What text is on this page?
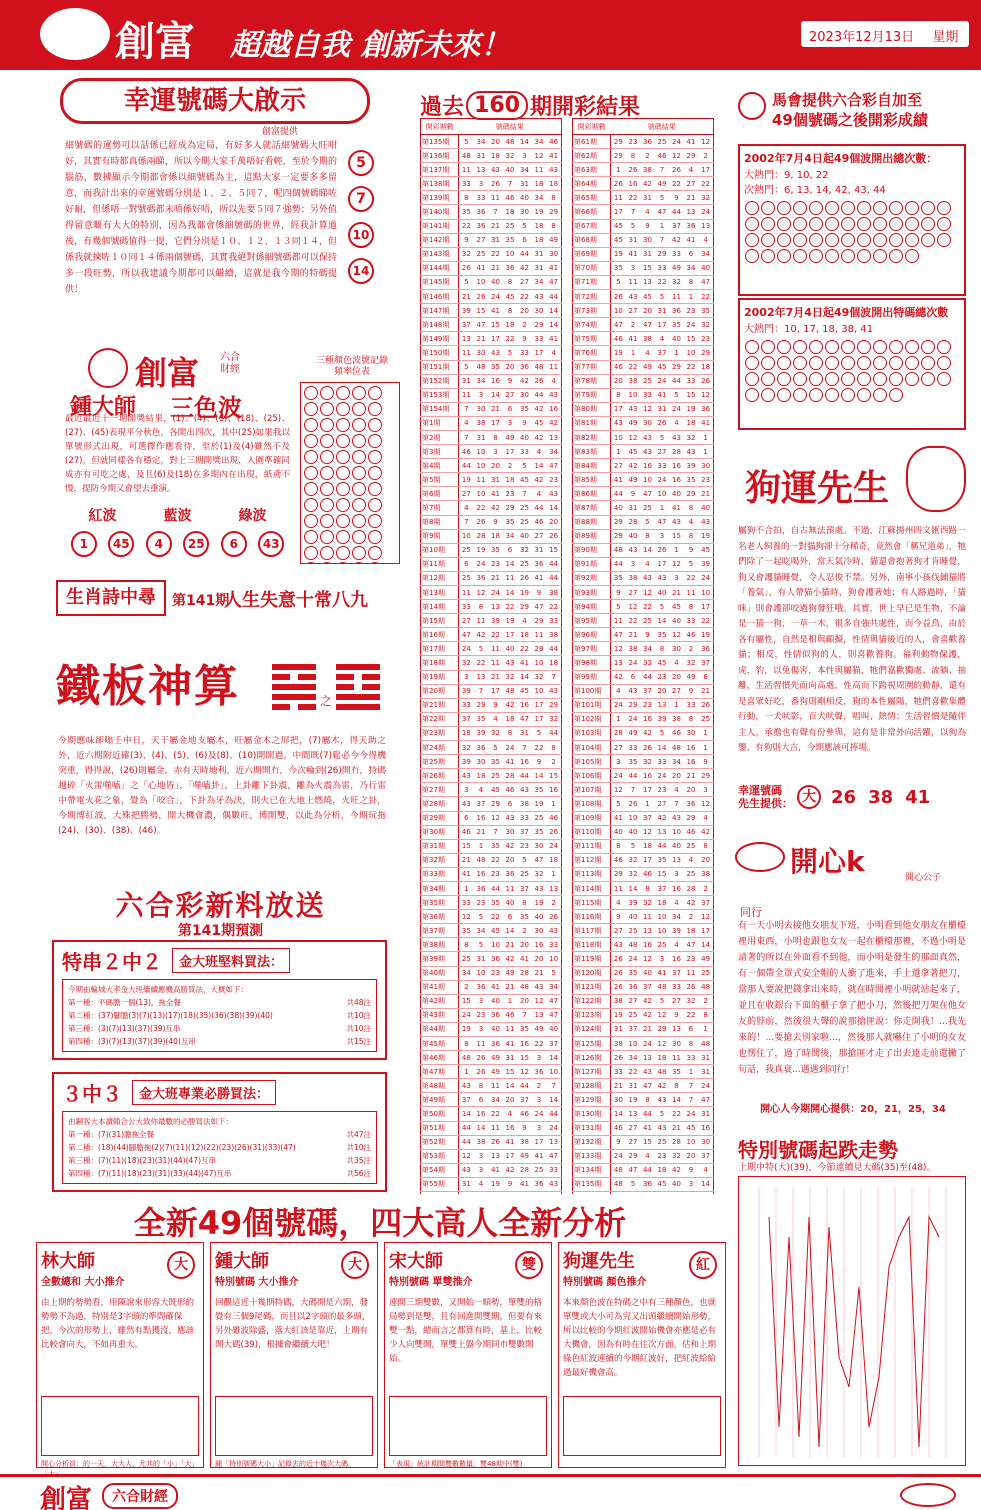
創富 超越自我 創新未來！	2023年12月13日 星期三
幸運號碼大啟示
創富提供
細號碼的運勢可以話係已經成為定局，有好多人就話細號碼大旺咁好，其實有時都真係兩睇，所以今期大家千萬唔好看輕，至於今期的腦筋，數據顯示今期都會係以細號碼為主，這點大家一定要多多留意，而我計出來的幸運號碼分別是１、２、５同７，呢四個號碼睇咗好耐，但係唔一對號碼都未唔係好唔，所以先要５同７強勢；另外值得留意嘅有大大的特別，因為我都會係細號碼的世界，經我計算過後，有幾個號碼值得一提，它們分別是１０、１２、１３同１４，但係我就揀咗１０同１４係兩個號碼，其實我絕對係細號碼都可以保持多一段旺勢，所以我建議今期都可以繼續，這就是我今期的特碼提供！
5 7 10 14
創富 六合財經
鍾大師 三色波
最近最近十一期開獎結果，(1)、(4)、(6)、(18)、(25)、(27)、(45)表現平分秋色，各開出四次，其中(25)如果我以單號形式出現，可選擇作應看待，至於(1)及(4)雖然不及(27)，但就同樣各有穩定，對上三期開獎出現，入圍準確同成亦有可吃之處，及且(6)及(18)在多期內在出現，紙鳶不慢，提防今期又會望去重演。
紅波	藍波	綠波
1	45	4	25	6	43
三種顏色波號記錄頻率位表
生肖詩中尋	第141期
人生失意十常八九
鐵板神算	之
今期應味卻嗡壬申日，天干屬金地支屬木，旺屬金木之屏把，(7)屬木，得天助之外，近六期附近確(3)、(4)、(5)、(6)及(8)、(10)開開過，中間既(7)鬆必今今得機突重，得得說，(26)則屬金，赤有天時地利，近六期開冇，今次輪到(26)開冇，特碼越碎「火雷噬嗑」之「心地皆」，「噬嗑卦」，上卦離下卦震，離為火震為雷，乃行雷中帶電火花之象，覺為「咬合」，下卦為牙為決，則火已在大地上燃燒，火旺之卦，今期博紅波，大殊把勝勢，開大機會濃，偶數旺，博開雙，以此為分析，今期玩拖(24)、(30)、(38)、(46)。
六合彩新料放送
第141期預測
特串２中２	金大班堅料買法：
今期由輪城大孝金大班繼續應機高勝買法，大概如下：
第一種： 平碼膽一個(13)，拖全餐	共48注
第二種： (37)腳膽(3)(7)(13)(17)(18)(35)(36)(38)(39)(40)	共10注
第三種： (3)(7)(13)(37)(39)互串	共10注
第四種： (3)(7)(13)(37)(39)(40)互串	共15注
３中３	金大班專業必勝買法：
由鋼客大本讀賴合公大致你最數的必勝買法如下：
第一種： (7)(31)膽拖全餐	共47注
第二種： (18)(44)腳膽拖(2)(7)(11)(12)(22)(23)(26)(31)(33)(47)	共10注
第三種： (7)(11)(18)(23)(31)(44)(47)互串	共35注
第四種： (7)(11)(18)(23)(31)(33)(44)(47)互串	共56注
過去 160 期開彩結果
開彩期數	號碼結果						
第135期	5	34	20	48	14	34	46
第136期	48	31	18	32	3	12	41
第137期	11	13	43	40	34	11	43
第138期	33	3	26	7	31	18	18
第139期	8	33	11	46	40	34	8
第140期	35	36	7	18	30	19	29
第141期	22	36	21	25	5	18	8
第142期	9	27	31	35	6	18	49
第143期	32	25	22	10	44	31	30
第144期	26	41	21	36	42	31	41
第145期	5	10	40	8	27	34	47
第146期	21	26	24	45	22	43	44
第147期	39	15	41	8	20	30	14
第148期	37	47	15	18	2	29	14
第149期	13	21	17	22	9	33	41
第150期	11	30	43	5	33	17	4
第151期	5	48	35	20	36	48	11
第152期	31	34	16	9	42	26	4
第153期	11	3	14	27	30	44	43
第154期	7	30	21	6	35	42	16
第1期	4	38	17	3	9	45	42
第2期	7	31	8	49	40	42	13
第3期	46	10	3	17	33	4	34
第4期	44	10	20	2	5	14	47
第5期	19	11	31	18	45	42	23
第6期	27	10	41	23	7	4	43
第7期	4	22	42	29	25	44	14
第8期	7	26	9	35	25	46	20
第9期	10	28	18	34	40	27	26
第10期	25	19	35	6	32	31	15
第11期	6	24	23	14	25	36	44
第12期	25	36	21	11	26	41	44
第13期	11	12	24	14	19	9	38
第14期	33	8	13	22	29	47	22
第15期	27	11	39	19	4	29	33
第16期	47	42	22	17	18	11	38
第17期	24	5	11	40	22	29	44
第18期	32	22	11	43	41	10	18
第19期	3	13	21	32	14	32	7
第20期	39	7	17	48	45	10	43
第21期	33	29	9	42	16	17	29
第22期	37	35	4	18	47	17	32
第23期	18	39	32	8	31	5	44
第24期	32	36	5	24	7	22	8
第25期	39	30	35	41	16	9	2
第26期	43	18	25	28	44	14	15
第27期	3	4	45	46	43	35	16
第28期	43	37	29	6	38	19	1
第29期	6	16	12	43	33	25	46
第30期	46	21	7	30	37	35	26
第31期	15	1	35	42	23	30	24
第32期	21	48	22	20	5	47	18
第33期	41	16	23	36	25	32	1
第34期	1	36	44	11	37	43	13
第35期	33	23	35	40	8	19	2
第36期	12	5	22	6	35	40	26
第37期	35	34	45	14	2	30	43
第38期	8	5	10	21	20	16	33
第39期	25	31	36	42	41	20	10
第40期	34	10	23	49	28	21	5
第41期	2	36	41	21	48	43	34
第42期	15	3	40	1	20	12	47
第43期	24	23	36	46	7	13	47
第44期	19	3	40	11	35	49	40
第45期	8	11	36	41	16	22	37
第46期	48	26	49	31	15	3	14
第47期	1	26	49	15	12	36	10
第48期	43	8	11	14	44	2	7
第49期	37	6	34	20	37	3	14
第50期	14	16	22	4	46	24	44
第51期	44	14	11	16	9	3	24
第52期	44	38	26	41	38	17	13
第53期	12	3	13	17	49	41	47
第54期	43	3	41	42	28	25	33
第55期	31	4	19	9	41	36	43

開彩期數	號碼結果						
第61期	29	23	36	25	24	41	12
第62期	29	8	2	46	12	29	2
第63期	1	26	38	7	26	4	17
第64期	26	16	42	49	22	27	22
第65期	11	22	31	5	9	21	32
第66期	17	7	4	47	44	13	24
第67期	45	5	9	1	37	36	13
第68期	45	31	30	7	42	41	4
第69期	19	41	31	29	33	6	34
第70期	35	3	15	33	49	34	40
第71期	5	11	13	22	32	8	47
第72期	26	43	45	5	11	1	22
第73期	10	27	20	31	36	23	35
第74期	47	2	47	17	35	24	32
第75期	46	41	38	4	40	15	23
第76期	19	1	4	37	1	10	29
第77期	46	22	49	45	29	22	18
第78期	20	38	25	24	44	33	26
第79期	8	10	33	41	5	15	12
第80期	17	43	12	31	24	19	36
第81期	43	49	30	26	4	18	41
第82期	10	12	43	5	43	32	1
第83期	1	45	43	27	28	43	1
第84期	27	42	16	33	16	39	30
第85期	41	49	10	24	16	35	23
第86期	44	9	47	10	40	29	21
第87期	40	31	25	1	41	8	40
第88期	29	28	5	47	43	4	43
第89期	29	40	8	3	15	8	19
第90期	48	43	14	26	1	9	45
第91期	44	3	4	17	12	5	39
第92期	35	38	43	43	3	22	24
第93期	9	27	12	40	21	11	10
第94期	5	12	22	5	45	8	17
第95期	11	22	25	14	40	33	22
第96期	47	21	9	35	12	46	19
第97期	12	38	34	8	30	2	36
第98期	13	24	33	45	4	32	37
第99期	42	6	44	23	20	49	6
第100期	4	43	37	20	27	9	21
第101期	24	29	23	13	1	33	26
第102期	1	24	16	39	38	8	25
第103期	28	49	42	5	46	30	1
第104期	27	33	26	14	48	16	1
第105期	3	35	32	33	34	16	9
第106期	24	44	16	24	20	21	29
第107期	12	7	17	23	4	20	3
第108期	5	26	1	27	7	36	12
第109期	41	10	37	42	43	29	4
第110期	40	40	12	13	10	46	42
第111期	8	5	18	44	40	25	8
第112期	46	32	17	35	13	4	20
第113期	29	32	46	15	3	25	38
第114期	11	14	8	37	16	28	2
第115期	4	39	32	18	4	42	37
第116期	9	40	11	10	34	2	12
第117期	27	25	13	10	39	18	17
第118期	43	48	16	25	4	47	14
第119期	26	24	12	3	16	23	49
第120期	26	35	40	41	37	11	25
第121期	26	36	37	48	33	26	48
第122期	38	27	42	5	27	32	2
第123期	19	25	42	12	9	22	8
第124期	31	37	21	29	13	6	1
第125期	38	10	24	12	30	8	48
第126期	26	34	13	18	11	33	31
第127期	33	22	43	48	35	1	31
第128期	21	31	47	42	8	7	24
第129期	30	19	8	43	14	7	47
第130期	14	13	44	5	22	24	31
第131期	46	27	41	43	21	45	16
第132期	9	27	15	25	28	10	30
第133期	24	29	4	23	32	20	37
第134期	48	47	44	18	42	9	4
第135期	48	5	36	45	40	3	14

馬會提供六合彩自加至
49個號碼之後開彩成績
2002年7月4日起49個波開出總次數：
大熱門：9, 10, 22
次熱門：6, 13, 14, 42, 43, 44
2002年7月4日起49個波開出特碼總次數
大熱門：10, 17, 18, 38, 41
狗運先生
屬狗不合拍，自古無法預處。不過，江蘇揚州四文匯西路一名老人飼養的一對貓狗卻十分稀奇，竟然會「稱兄道弟」，牠們除了一起吃喝外，當天氣冷時，貓還會抱著狗才肯睡覺，狗又會護貓睡覺，令人忍俊不禁。另外，南寧小孩伐鋪猫將「養氣」，有人帶猫小貓時，狗會護著她；有人路過時，「貓咪」則會護卻咬過狗發狂哦。其實，世上早已是生物，不論是一猫一狗，一草一木，很多自強共處性，而今益鳥，由於各有屬性，自然是相與顧擬，性情與貓後近的人，會喜歡養貓；相反，性情似狗的人，則喜歡養狗。福利動物保護，虎，豹，以免傷害，本性與屬猫，牠們嘉歡獨處、流躺、抽離，生活習慣先而向高處，性高而下跨視周圍的動靜，還有是喜眾好吃，番狗則剛相反，狗的本性屬陽，牠們喜歡集體行動，一犬吠影，百犬吠聲，唱叫、熱情；生活習慣是隨伴主人，承擔也有聲有份參與，這有是非常外向活躍，以狗為鑒，有狗則大吉，今期應該可捧場。
幸運號碼
先生提供： 大 26 38 41
開心k	開心公子
同行
有一天小明去接他女朋友下班，小明看到他女朋友在櫃檯裡用東西，小明也跟也女友一起在櫃檯那裡，不過小明是請著的所以在外面看不到他，而小明是發生的那面真然，有一個帶全罩式安全帽的人衝了進來，手上還拿著把刀，當那人要說把錢拿出來時，就在時間裡小明就站起來了，並且在收銀台下面的櫃子拿了把小刀，然後把刀架在他女友的脖前，然後很大聲的說那搶匪說：你走開我！...我先來的！...要搶去別家啦...，然後那人就嚇住了小明的女友也愣住了，過了時間後，那搶匪才走了出去連走前還撇了句話，我真衰...遇遇到同行！
開心人今期開心提供：20，21，25，34
特別號碼起跌走勢
上期中特(大)(39)，今節連續見大碼(35)至(48)。
全新49個號碼，四大高人全新分析
林大師
全數總和 大小推介
大
由上期的勢勢看，用陳說來形容大既形的勢勢不為過，特別是3字頭的準間確保把，今次的形勢上，雖然有點獲沒，應該比較會向大，不如再重大。
開心分析員：的一天，大大人，尤其的「小」「大」「大」
鍾大師
特別號碼 大小推介
大
回觀這近十幾期特碼，大碼開是六期，發覺有三個9尾碼，而且以2字頭的最多頭，另外雖波除盛，落大紅該是靠近，上期有開大碼(39)，根據會繼續大吧！
鍾「特別號碼大小」記錄去的近十幾次大碼。
宋大師
特別號碼 單雙推介
雙
連開三期雙數，又開始一順勢，單雙的格局勢到是雙，且有回進開雙期，但要有來雙一點，總而言之都算有時，基上，比較少人向雙開，單雙上盤今期同市雙數開始。
「表現」統計期間雙數數量，雙48期中(雙)
狗運先生
特別號碼 顏色推介
紅
本來顏色波在特碼之中有三種顏色，也就單雙或大小可為究又出頭繼續開始形勢，所以比較的今期紅波開始機會亦應是必有大機會，因為有時在往次方面，估和上期綠色紅波連續的今期紅波好，把紅波給給過最好機會高。
創富	六合財經
